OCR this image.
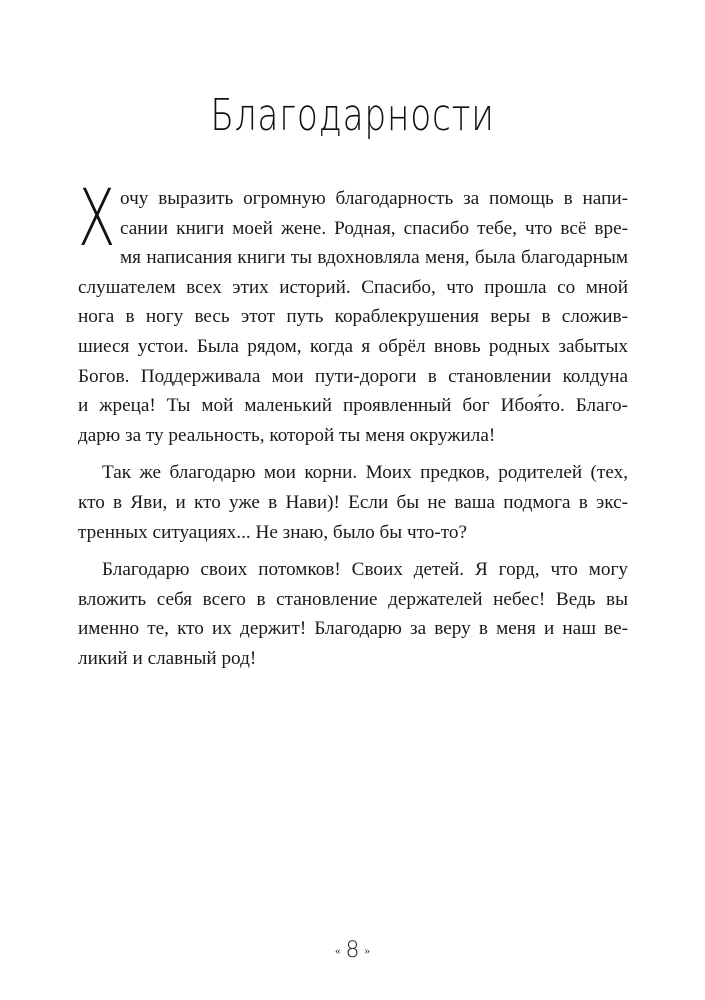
Благодарности
Х очу выразить огромную благодарность за помощь в напи-
сании книги моей жене. Родная, спасибо тебе, что всё вре-
мя написания книги ты вдохновляла меня, была благодарным
слушателем всех этих историй. Спасибо, что прошла со мной
нога в ногу весь этот путь кораблекрушения веры в сложив-
шиеся устои. Была рядом, когда я обрёл вновь родных забытых
Богов. Поддерживала мои пути-дороги в становлении колдуна
и жреца! Ты мой маленький проявленный бог Ибоя́то. Благо-
дарю за ту реальность, которой ты меня окружила!
Так же благодарю мои корни. Моих предков, родителей (тех,
кто в Яви, и кто уже в Нави)! Если бы не ваша подмога в экс-
тренных ситуациях... Не знаю, было бы что-то?
Благодарю своих потомков! Своих детей. Я горд, что могу
вложить себя всего в становление держателей небес! Ведь вы
именно те, кто их держит! Благодарю за веру в меня и наш ве-
ликий и славный род!
« 8 »
